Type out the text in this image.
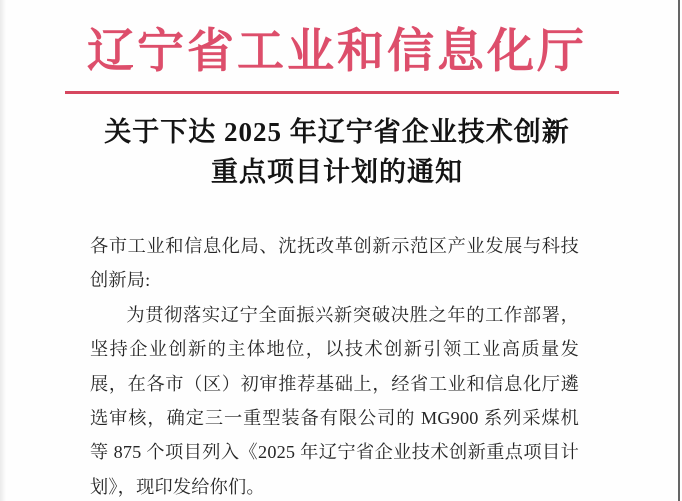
辽宁省工业和信息化厅
关于下达 2025 年辽宁省企业技术创新
重点项目计划的通知
各市工业和信息化局、沈抚改革创新示范区产业发展与科技
创新局:
为贯彻落实辽宁全面振兴新突破决胜之年的工作部署，
坚持企业创新的主体地位，以技术创新引领工业高质量发
展，在各市（区）初审推荐基础上，经省工业和信息化厅遴
选审核，确定三一重型装备有限公司的 MG900 系列采煤机
等 875 个项目列入《2025 年辽宁省企业技术创新重点项目计
划》，现印发给你们。
